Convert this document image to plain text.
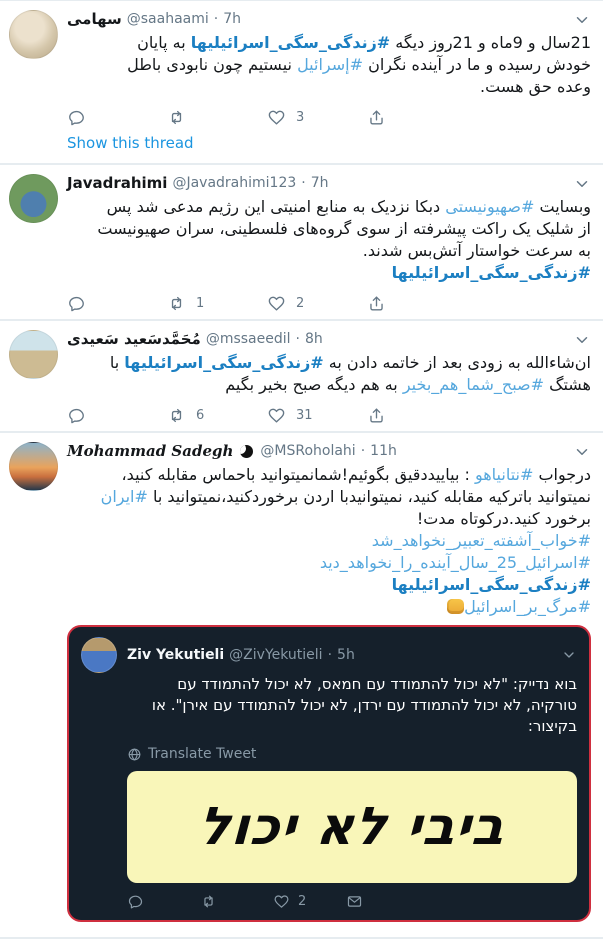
سهامی @saahaami · 7h
21سال و 9ماه و 21روز دیگه #زندگی_سگی_اسرائیلیها به پایان خودش رسیده و ما در آینده نگران #إسرائيل نیستیم چون نابودی باطل وعده حق هست.
3
Show this thread
Javadrahimi @Javadrahimi123 · 7h
وبسایت #صهیونیستی دبکا نزدیک به منابع امنیتی این رژیم مدعی شد پس از شلیک یک راکت پیشرفته از سوی گروه‌های فلسطینی، سران صهیونیست به سرعت خواستار آتش‌بس شدند.
#زندگی_سگی_اسرائیلیها
1	2
مُحَمَّدسَعید سَعیدی @mssaeedil · 8h
ان‌شاءالله به زودی بعد از خاتمه دادن به #زندگی_سگی_اسرائیلیها با هشتگ #صبح_شما_هم_بخیر به هم دیگه صبح بخیر بگیم
6	31
Mohammad Sadegh @MSRoholahi · 11h
درجواب #نتانیاهو : بیاییددقیق بگوئیم!شمانمیتوانید باحماس مقابله کنید، نمیتوانید باترکیه مقابله کنید، نمیتوانیدبا اردن برخوردکنید،نمیتوانید با #ایران برخورد کنید.درکوتاه مدت!
#خواب_آشفته_تعبیر_نخواهد_شد
#اسرائیل_25_سال_آینده_را_نخواهد_دید
#زندگی_سگی_اسرائیلیها
#مرگ_بر_اسرائیل
Ziv Yekutieli @ZivYekutieli · 5h
בוא נדייק: "לא יכול להתמודד עם חמאס, לא יכול להתמודד עם טורקיה, לא יכול להתמודד עם ירדן, לא יכול להתמודד עם אירן". או בקיצור:
Translate Tweet
ביבי לא יכול
2
